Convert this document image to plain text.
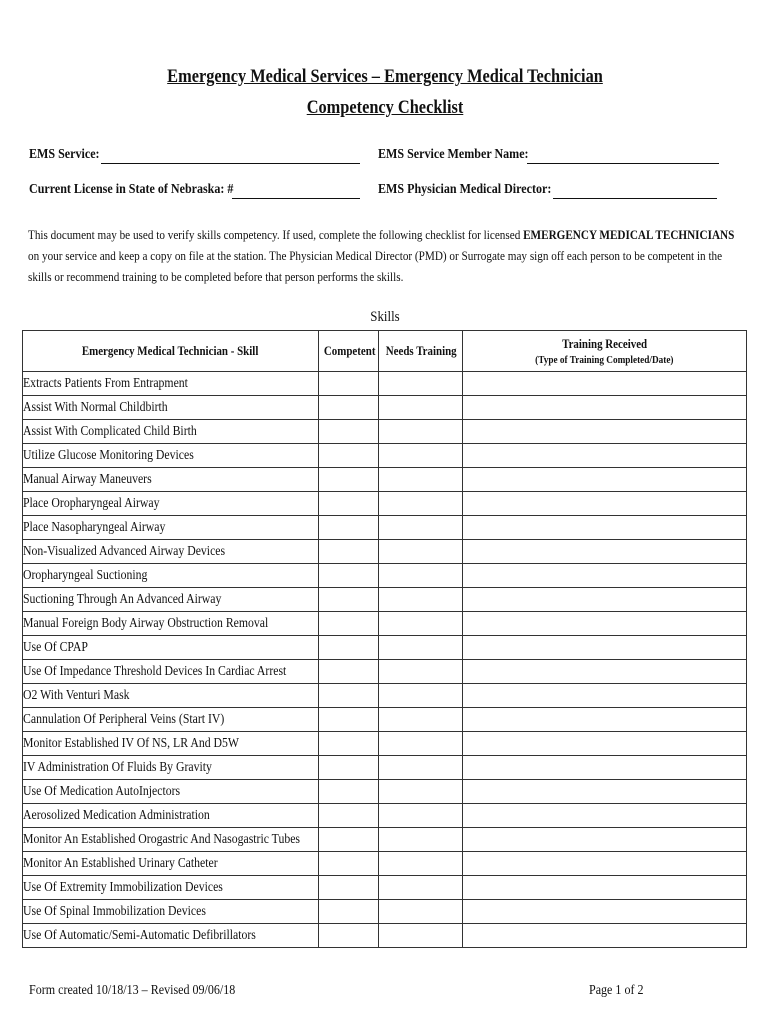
Emergency Medical Services – Emergency Medical Technician
Competency Checklist
EMS Service:	EMS Service Member Name:
Current License in State of Nebraska: #	EMS Physician Medical Director:
This document may be used to verify skills competency. If used, complete the following checklist for licensed EMERGENCY MEDICAL TECHNICIANS on your service and keep a copy on file at the station. The Physician Medical Director (PMD) or Surrogate may sign off each person to be competent in the skills or recommend training to be completed before that person performs the skills.
Skills
Emergency Medical Technician - Skill	Competent	Needs Training	Training Received
(Type of Training Completed/Date)

Extracts Patients From Entrapment			
Assist With Normal Childbirth			
Assist With Complicated Child Birth			
Utilize Glucose Monitoring Devices			
Manual Airway Maneuvers			
Place Oropharyngeal Airway			
Place Nasopharyngeal Airway			
Non-Visualized Advanced Airway Devices			
Oropharyngeal Suctioning			
Suctioning Through An Advanced Airway			
Manual Foreign Body Airway Obstruction Removal			
Use Of CPAP			
Use Of Impedance Threshold Devices In Cardiac Arrest			
O2 With Venturi Mask			
Cannulation Of Peripheral Veins (Start IV)			
Monitor Established IV Of NS, LR And D5W			
IV Administration Of Fluids By Gravity			
Use Of Medication AutoInjectors			
Aerosolized Medication Administration			
Monitor An Established Orogastric And Nasogastric Tubes			
Monitor An Established Urinary Catheter			
Use Of Extremity Immobilization Devices			
Use Of Spinal Immobilization Devices			
Use Of Automatic/Semi-Automatic Defibrillators			
Form created 10/18/13 – Revised 09/06/18	Page 1 of 2
